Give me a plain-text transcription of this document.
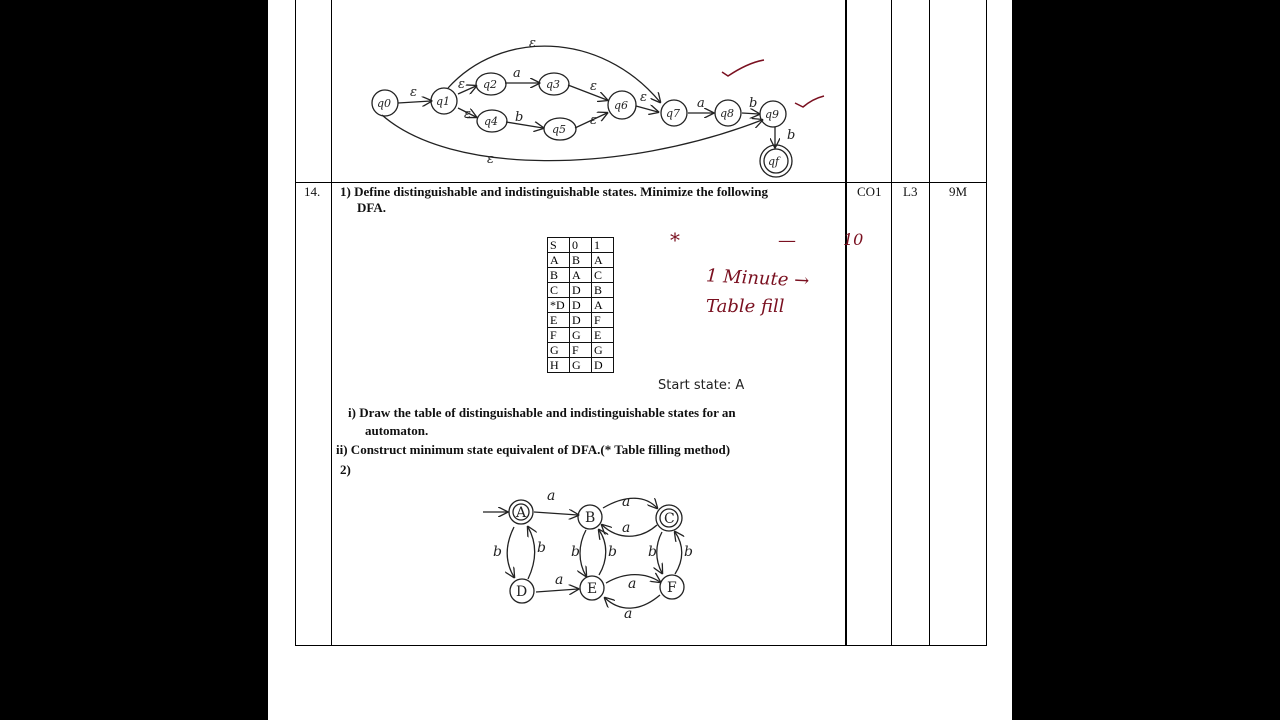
14. 1) Define distinguishable and indistinguishable states. Minimize the following
DFA.
CO1 L3 9M
S	0	1
A	B	A
B	A	C
C	D	B
*D	D	A
E	D	F
F	G	E
G	F	G
H	G	D
Start state: A
i) Draw the table of distinguishable and indistinguishable states for an
automaton.
ii) Construct minimum state equivalent of DFA.(* Table filling method)
2)
*	—	10
1 Minute →
Table fill
q0	q1
q2	q3
q4
q5
q6
q7	q8	q9
qf
ε
ε
ε
a
b
ε
ε
ε	a	b
b
ε
ε
A	B	C
D	E	F
a	a
a
b	b b b b b
a	a
a
